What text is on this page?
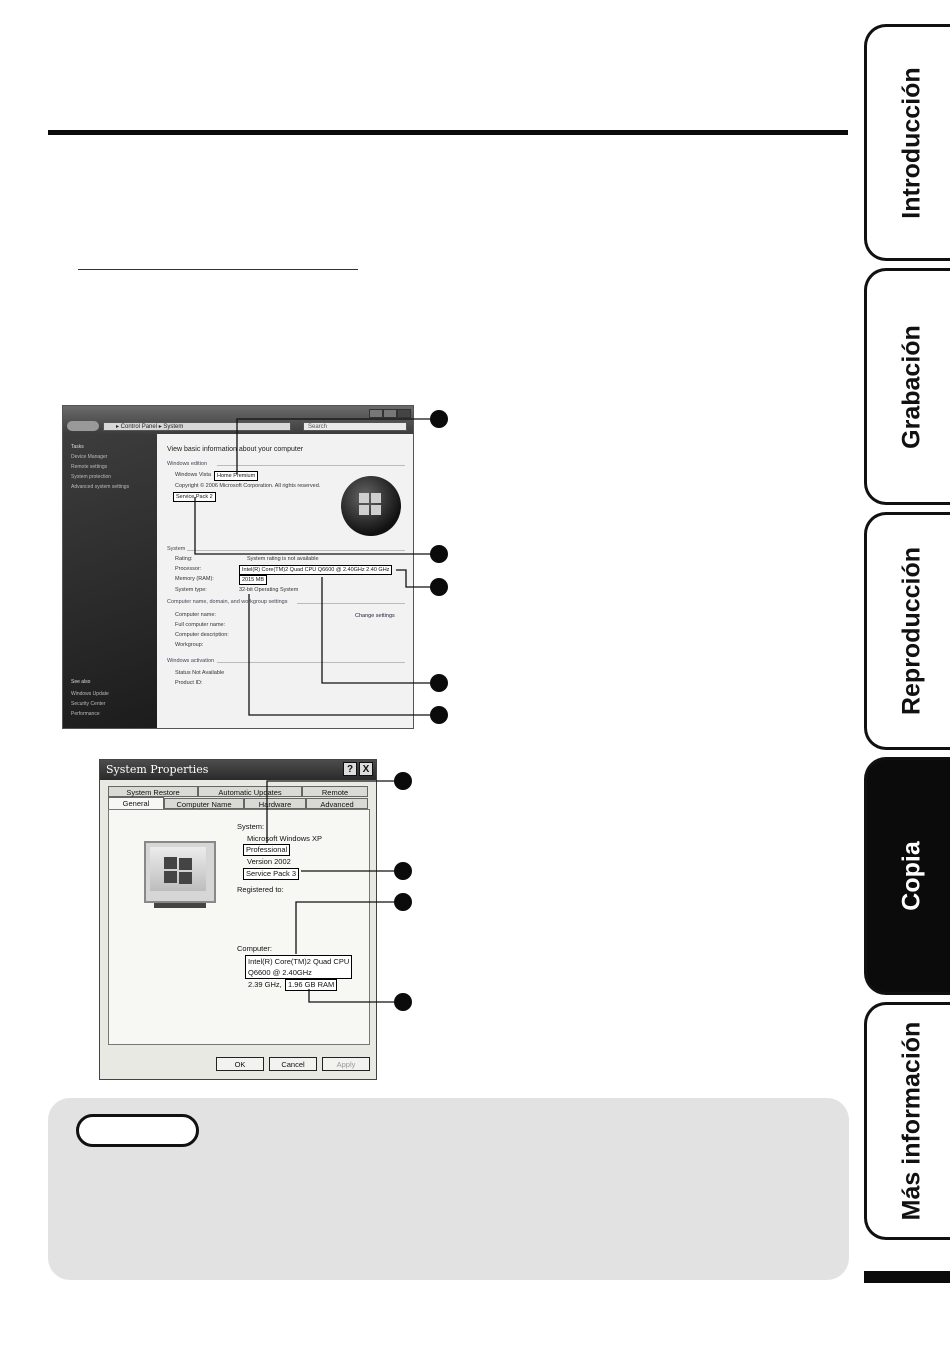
Introducción
Grabación
Reproducción
Copia
Más información
▸ Control Panel ▸ System	Search
Tasks
Device Manager
Remote settings
System protection
Advanced system settings
See also
Windows Update
Security Center
Performance
View basic information about your computer
Windows edition
Windows Vista	Home Premium
Copyright © 2006 Microsoft Corporation. All rights reserved.
Service Pack 2
System
Rating:	System rating is not available
Processor:	Intel(R) Core(TM)2 Quad CPU Q6600 @ 2.40GHz 2.40 GHz
Memory (RAM):	2015 MB
System type:	32-bit Operating System
Computer name, domain, and workgroup settings
Change settings
Computer name:
Full computer name:
Computer description:
Workgroup:
Windows activation
Status Not Available
Product ID:
System Properties	? X
System Restore	Automatic Updates	Remote
General	Computer Name	Hardware	Advanced
System:
Microsoft Windows XP
Professional
Version 2002
Service Pack 3
Registered to:
Computer:
Intel(R) Core(TM)2 Quad CPU
Q6600 @ 2.40GHz
2.39 GHz, 1.96 GB RAM
OK	Cancel	Apply
